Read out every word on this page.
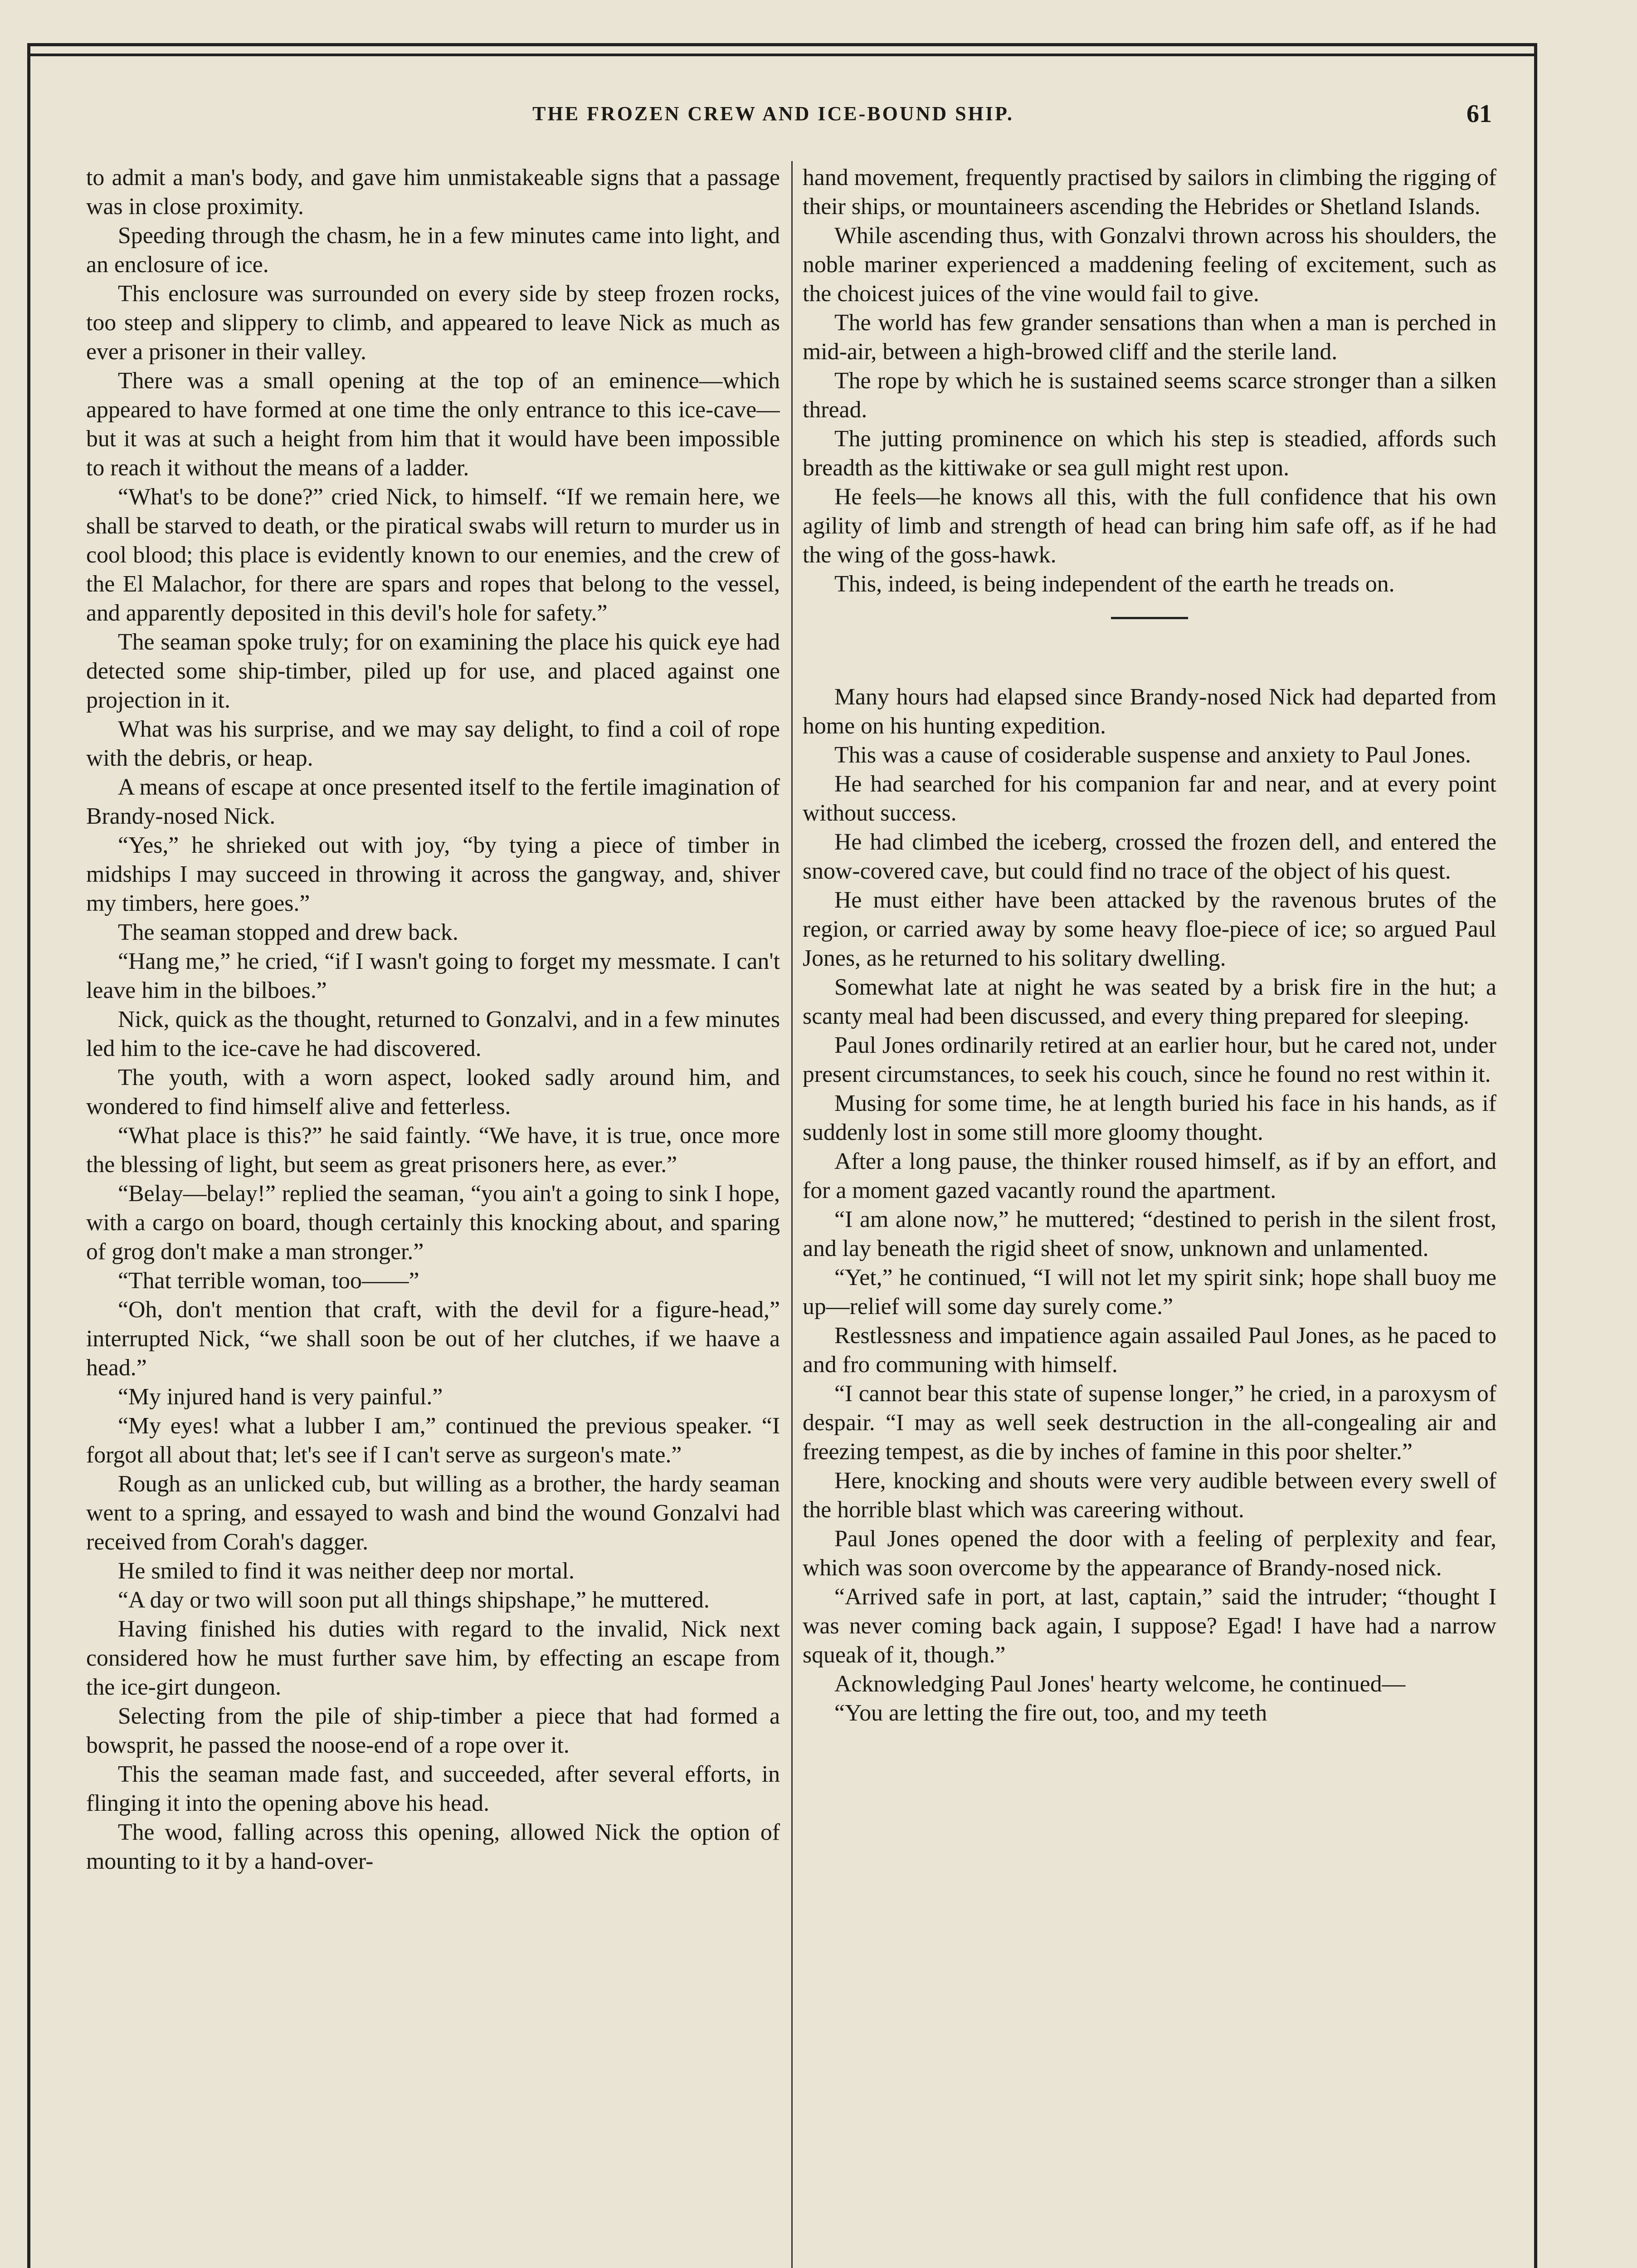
THE FROZEN CREW AND ICE-BOUND SHIP.	61

to admit a man's body, and gave him unmistakeable signs that a passage was in close proximity.

Speeding through the chasm, he in a few minutes came into light, and an enclosure of ice.

This enclosure was surrounded on every side by steep frozen rocks, too steep and slippery to climb, and appeared to leave Nick as much as ever a prisoner in their valley.

There was a small opening at the top of an eminence—which appeared to have formed at one time the only entrance to this ice-cave—but it was at such a height from him that it would have been impossible to reach it without the means of a ladder.

“What's to be done?” cried Nick, to himself. “If we remain here, we shall be starved to death, or the piratical swabs will return to murder us in cool blood; this place is evidently known to our enemies, and the crew of the El Malachor, for there are spars and ropes that belong to the vessel, and apparently deposited in this devil's hole for safety.”

The seaman spoke truly; for on examining the place his quick eye had detected some ship-timber, piled up for use, and placed against one projection in it.

What was his surprise, and we may say delight, to find a coil of rope with the debris, or heap.

A means of escape at once presented itself to the fertile imagination of Brandy-nosed Nick.

“Yes,” he shrieked out with joy, “by tying a piece of timber in midships I may succeed in throwing it across the gangway, and, shiver my timbers, here goes.”

The seaman stopped and drew back.

“Hang me,” he cried, “if I wasn't going to forget my messmate. I can't leave him in the bilboes.”

Nick, quick as the thought, returned to Gonzalvi, and in a few minutes led him to the ice-cave he had discovered.

The youth, with a worn aspect, looked sadly around him, and wondered to find himself alive and fetterless.

“What place is this?” he said faintly. “We have, it is true, once more the blessing of light, but seem as great prisoners here, as ever.”

“Belay—belay!” replied the seaman, “you ain't a going to sink I hope, with a cargo on board, though certainly this knocking about, and sparing of grog don't make a man stronger.”

“That terrible woman, too——”

“Oh, don't mention that craft, with the devil for a figure-head,” interrupted Nick, “we shall soon be out of her clutches, if we haave a head.”

“My injured hand is very painful.”

“My eyes! what a lubber I am,” continued the previous speaker. “I forgot all about that; let's see if I can't serve as surgeon's mate.”

Rough as an unlicked cub, but willing as a brother, the hardy seaman went to a spring, and essayed to wash and bind the wound Gonzalvi had received from Corah's dagger.

He smiled to find it was neither deep nor mortal.

“A day or two will soon put all things shipshape,” he muttered.

Having finished his duties with regard to the invalid, Nick next considered how he must further save him, by effecting an escape from the ice-girt dungeon.

Selecting from the pile of ship-timber a piece that had formed a bowsprit, he passed the noose-end of a rope over it.

This the seaman made fast, and succeeded, after several efforts, in flinging it into the opening above his head.

The wood, falling across this opening, allowed Nick the option of mounting to it by a hand-over-

hand movement, frequently practised by sailors in climbing the rigging of their ships, or mountaineers ascending the Hebrides or Shetland Islands.

While ascending thus, with Gonzalvi thrown across his shoulders, the noble mariner experienced a maddening feeling of excitement, such as the choicest juices of the vine would fail to give.

The world has few grander sensations than when a man is perched in mid-air, between a high-browed cliff and the sterile land.

The rope by which he is sustained seems scarce stronger than a silken thread.

The jutting prominence on which his step is steadied, affords such breadth as the kittiwake or sea gull might rest upon.

He feels—he knows all this, with the full confidence that his own agility of limb and strength of head can bring him safe off, as if he had the wing of the goss-hawk.

This, indeed, is being independent of the earth he treads on.

Many hours had elapsed since Brandy-nosed Nick had departed from home on his hunting expedition.

This was a cause of cosiderable suspense and anxiety to Paul Jones.

He had searched for his companion far and near, and at every point without success.

He had climbed the iceberg, crossed the frozen dell, and entered the snow-covered cave, but could find no trace of the object of his quest.

He must either have been attacked by the ravenous brutes of the region, or carried away by some heavy floe-piece of ice; so argued Paul Jones, as he returned to his solitary dwelling.

Somewhat late at night he was seated by a brisk fire in the hut; a scanty meal had been discussed, and every thing prepared for sleeping.

Paul Jones ordinarily retired at an earlier hour, but he cared not, under present circumstances, to seek his couch, since he found no rest within it.

Musing for some time, he at length buried his face in his hands, as if suddenly lost in some still more gloomy thought.

After a long pause, the thinker roused himself, as if by an effort, and for a moment gazed vacantly round the apartment.

“I am alone now,” he muttered; “destined to perish in the silent frost, and lay beneath the rigid sheet of snow, unknown and unlamented.

“Yet,” he continued, “I will not let my spirit sink; hope shall buoy me up—relief will some day surely come.”

Restlessness and impatience again assailed Paul Jones, as he paced to and fro communing with himself.

“I cannot bear this state of supense longer,” he cried, in a paroxysm of despair. “I may as well seek destruction in the all-congealing air and freezing tempest, as die by inches of famine in this poor shelter.”

Here, knocking and shouts were very audible between every swell of the horrible blast which was careering without.

Paul Jones opened the door with a feeling of perplexity and fear, which was soon overcome by the appearance of Brandy-nosed nick.

“Arrived safe in port, at last, captain,” said the intruder; “thought I was never coming back again, I suppose? Egad! I have had a narrow squeak of it, though.”

Acknowledging Paul Jones' hearty welcome, he continued—

“You are letting the fire out, too, and my teeth
